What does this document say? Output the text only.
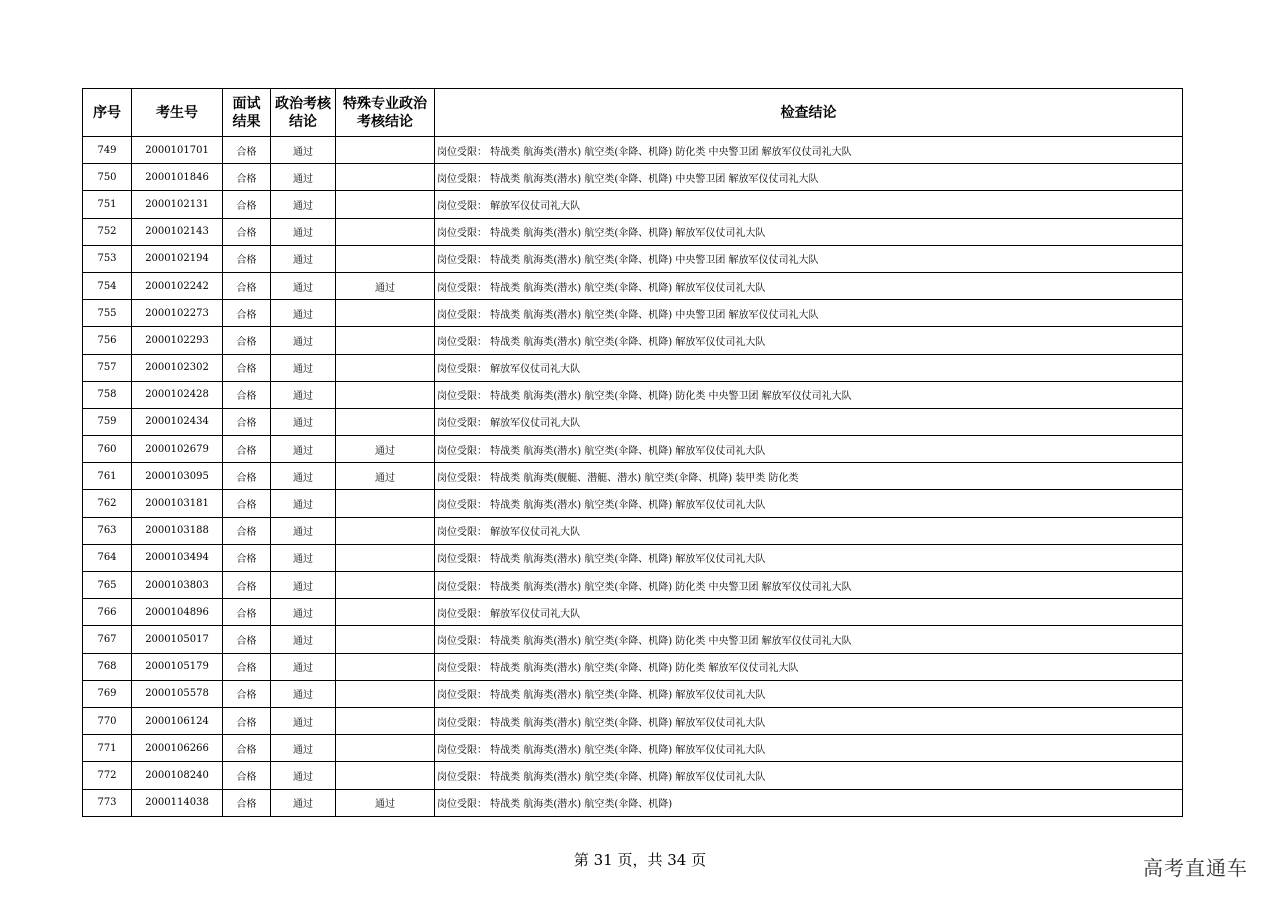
序号	考生号	面试结果	政治考核结论	特殊专业政治考核结论	检查结论
749	2000101701	合格	通过		岗位受限： 特战类 航海类(潜水) 航空类(伞降、机降) 防化类 中央警卫团 解放军仪仗司礼大队
750	2000101846	合格	通过		岗位受限： 特战类 航海类(潜水) 航空类(伞降、机降) 中央警卫团 解放军仪仗司礼大队
751	2000102131	合格	通过		岗位受限： 解放军仪仗司礼大队
752	2000102143	合格	通过		岗位受限： 特战类 航海类(潜水) 航空类(伞降、机降) 解放军仪仗司礼大队
753	2000102194	合格	通过		岗位受限： 特战类 航海类(潜水) 航空类(伞降、机降) 中央警卫团 解放军仪仗司礼大队
754	2000102242	合格	通过	通过	岗位受限： 特战类 航海类(潜水) 航空类(伞降、机降) 解放军仪仗司礼大队
755	2000102273	合格	通过		岗位受限： 特战类 航海类(潜水) 航空类(伞降、机降) 中央警卫团 解放军仪仗司礼大队
756	2000102293	合格	通过		岗位受限： 特战类 航海类(潜水) 航空类(伞降、机降) 解放军仪仗司礼大队
757	2000102302	合格	通过		岗位受限： 解放军仪仗司礼大队
758	2000102428	合格	通过		岗位受限： 特战类 航海类(潜水) 航空类(伞降、机降) 防化类 中央警卫团 解放军仪仗司礼大队
759	2000102434	合格	通过		岗位受限： 解放军仪仗司礼大队
760	2000102679	合格	通过	通过	岗位受限： 特战类 航海类(潜水) 航空类(伞降、机降) 解放军仪仗司礼大队
761	2000103095	合格	通过	通过	岗位受限： 特战类 航海类(舰艇、潜艇、潜水) 航空类(伞降、机降) 装甲类 防化类
762	2000103181	合格	通过		岗位受限： 特战类 航海类(潜水) 航空类(伞降、机降) 解放军仪仗司礼大队
763	2000103188	合格	通过		岗位受限： 解放军仪仗司礼大队
764	2000103494	合格	通过		岗位受限： 特战类 航海类(潜水) 航空类(伞降、机降) 解放军仪仗司礼大队
765	2000103803	合格	通过		岗位受限： 特战类 航海类(潜水) 航空类(伞降、机降) 防化类 中央警卫团 解放军仪仗司礼大队
766	2000104896	合格	通过		岗位受限： 解放军仪仗司礼大队
767	2000105017	合格	通过		岗位受限： 特战类 航海类(潜水) 航空类(伞降、机降) 防化类 中央警卫团 解放军仪仗司礼大队
768	2000105179	合格	通过		岗位受限： 特战类 航海类(潜水) 航空类(伞降、机降) 防化类 解放军仪仗司礼大队
769	2000105578	合格	通过		岗位受限： 特战类 航海类(潜水) 航空类(伞降、机降) 解放军仪仗司礼大队
770	2000106124	合格	通过		岗位受限： 特战类 航海类(潜水) 航空类(伞降、机降) 解放军仪仗司礼大队
771	2000106266	合格	通过		岗位受限： 特战类 航海类(潜水) 航空类(伞降、机降) 解放军仪仗司礼大队
772	2000108240	合格	通过		岗位受限： 特战类 航海类(潜水) 航空类(伞降、机降) 解放军仪仗司礼大队
773	2000114038	合格	通过	通过	岗位受限： 特战类 航海类(潜水) 航空类(伞降、机降)
第 31 页，共 34 页	高考直通车
